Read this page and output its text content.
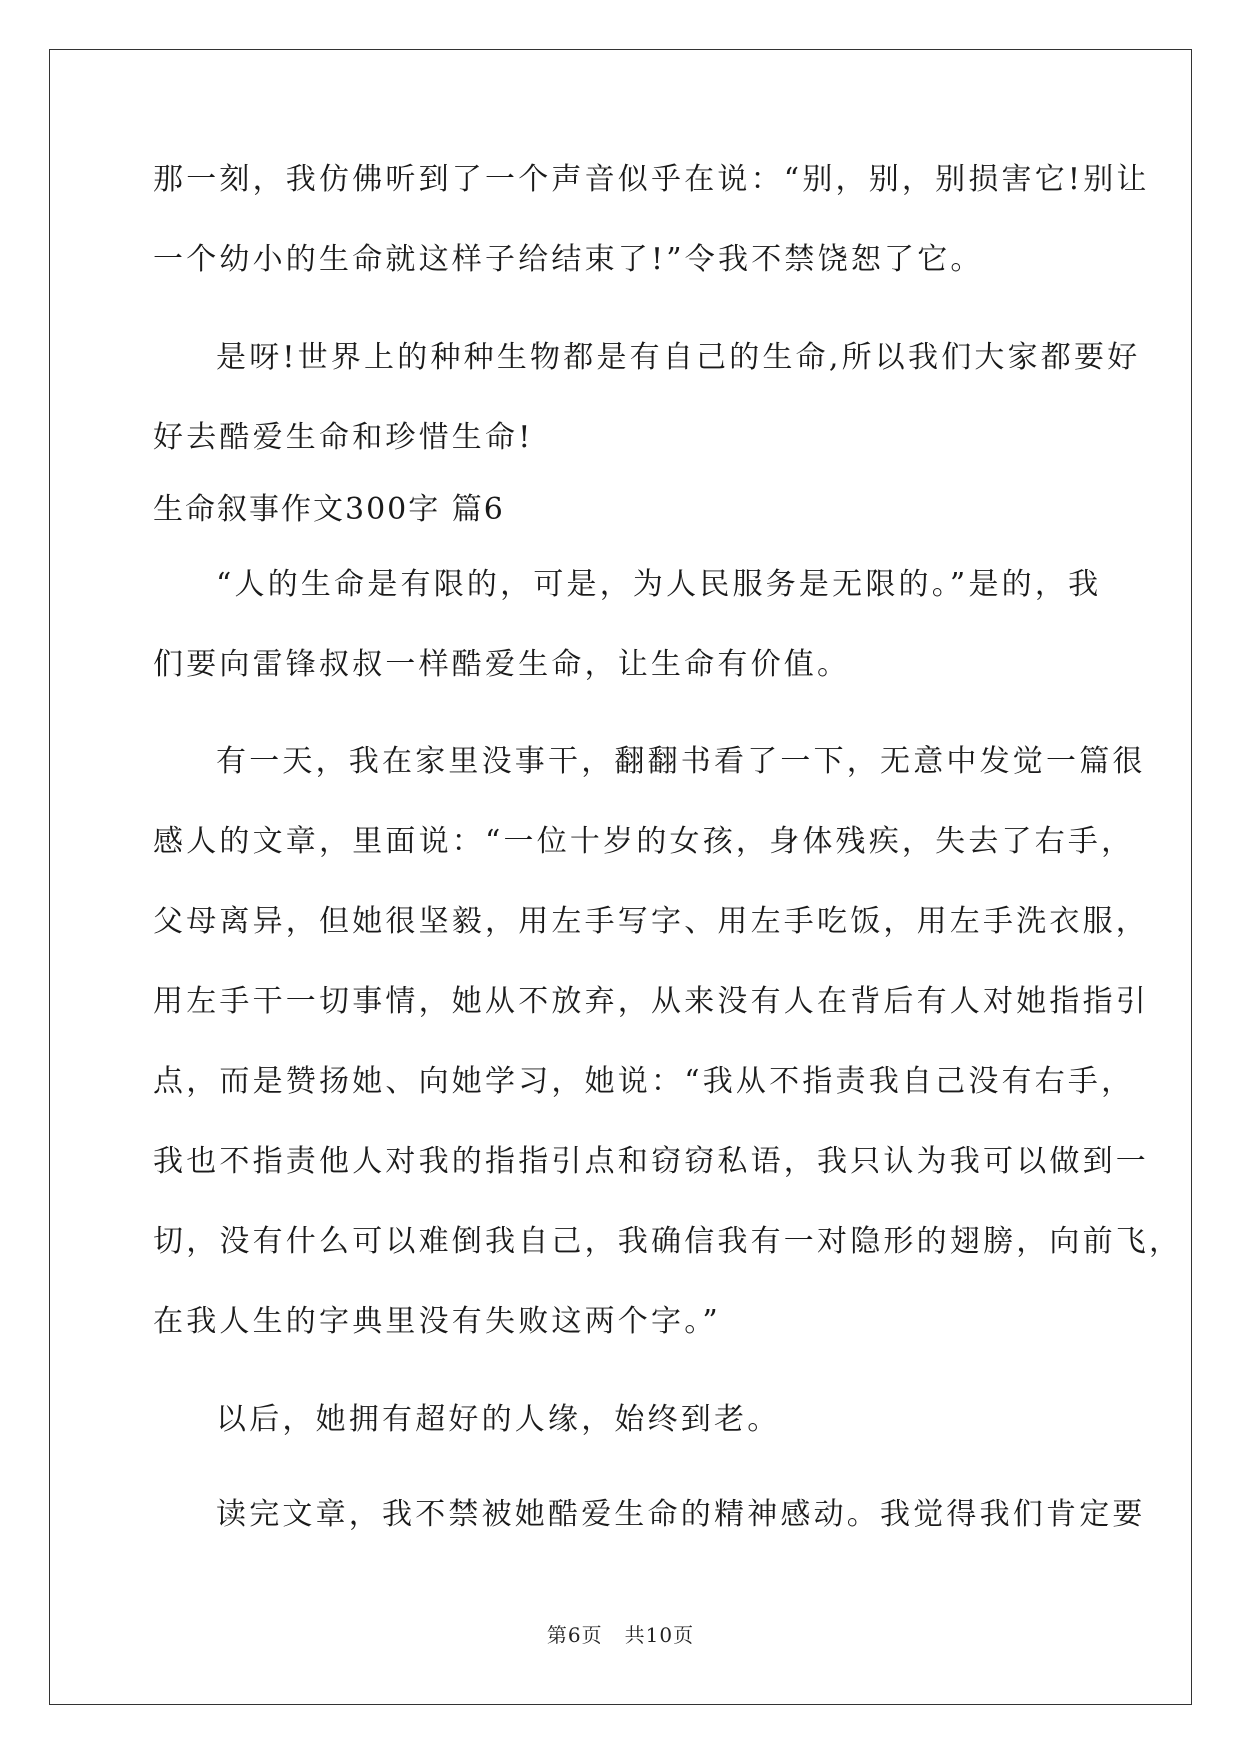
那一刻，我仿佛听到了一个声音似乎在说：“别，别，别损害它!别让
一个幼小的生命就这样子给结束了!”令我不禁饶恕了它。
是呀!世界上的种种生物都是有自己的生命,所以我们大家都要好
好去酷爱生命和珍惜生命!
生命叙事作文300字 篇6
“人的生命是有限的，可是，为人民服务是无限的。”是的，我
们要向雷锋叔叔一样酷爱生命，让生命有价值。
有一天，我在家里没事干，翻翻书看了一下，无意中发觉一篇很
感人的文章，里面说：“一位十岁的女孩，身体残疾，失去了右手，
父母离异，但她很坚毅，用左手写字、用左手吃饭，用左手洗衣服，
用左手干一切事情，她从不放弃，从来没有人在背后有人对她指指引
点，而是赞扬她、向她学习，她说：“我从不指责我自己没有右手，
我也不指责他人对我的指指引点和窃窃私语，我只认为我可以做到一
切，没有什么可以难倒我自己，我确信我有一对隐形的翅膀，向前飞，
在我人生的字典里没有失败这两个字。”
以后，她拥有超好的人缘，始终到老。
读完文章，我不禁被她酷爱生命的精神感动。我觉得我们肯定要
第6页 共10页
